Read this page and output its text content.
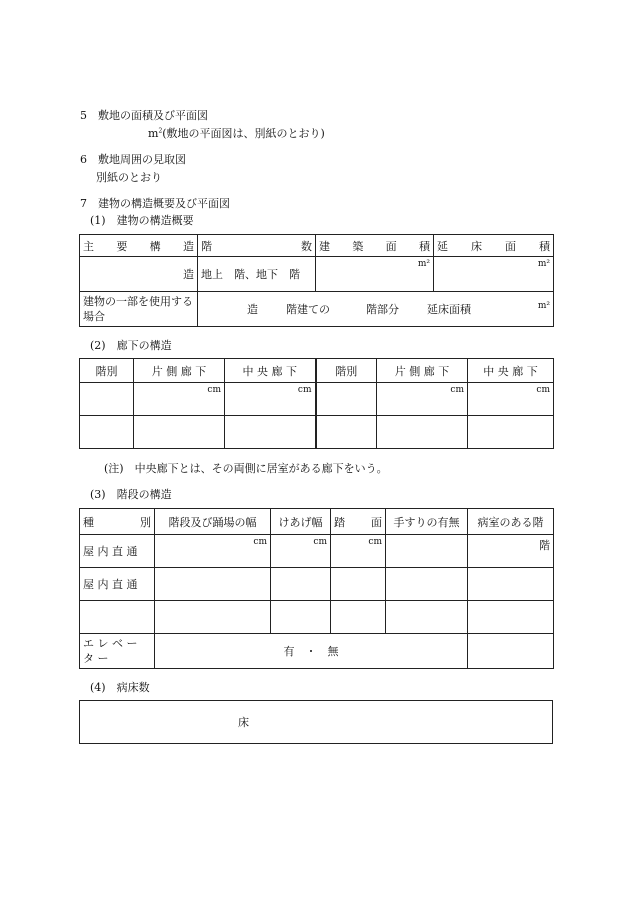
5　敷地の面積及び平面図
$m^2$(敷地の平面図は、別紙のとおり)
6　敷地周囲の見取図
別紙のとおり
7　建物の構造概要及び平面図
(1)　建物の構造概要
主　要　構　造	階 数	建　築　面　積	延　床　面　積
造	地上　階、地下　階	m²	m²
建物の一部を使用する場合	造 階建ての 階部分 延床面積 m²		
(2)　廊下の構造
階別	片 側 廊 下	中 央 廊 下	階別	片 側 廊 下	中 央 廊 下
	cm	cm		cm	cm

(注)　中央廊下とは、その両側に居室がある廊下をいう。
(3)　階段の構造
種　　別	階段及び踊場の幅	けあげ幅	踏　　面	手すりの有無	病室のある階
屋 内 直 通	cm	cm	cm		階
屋 内 直 通					

エ レ ベ ー タ ー	有　・　無				
(4)　病床数
床
